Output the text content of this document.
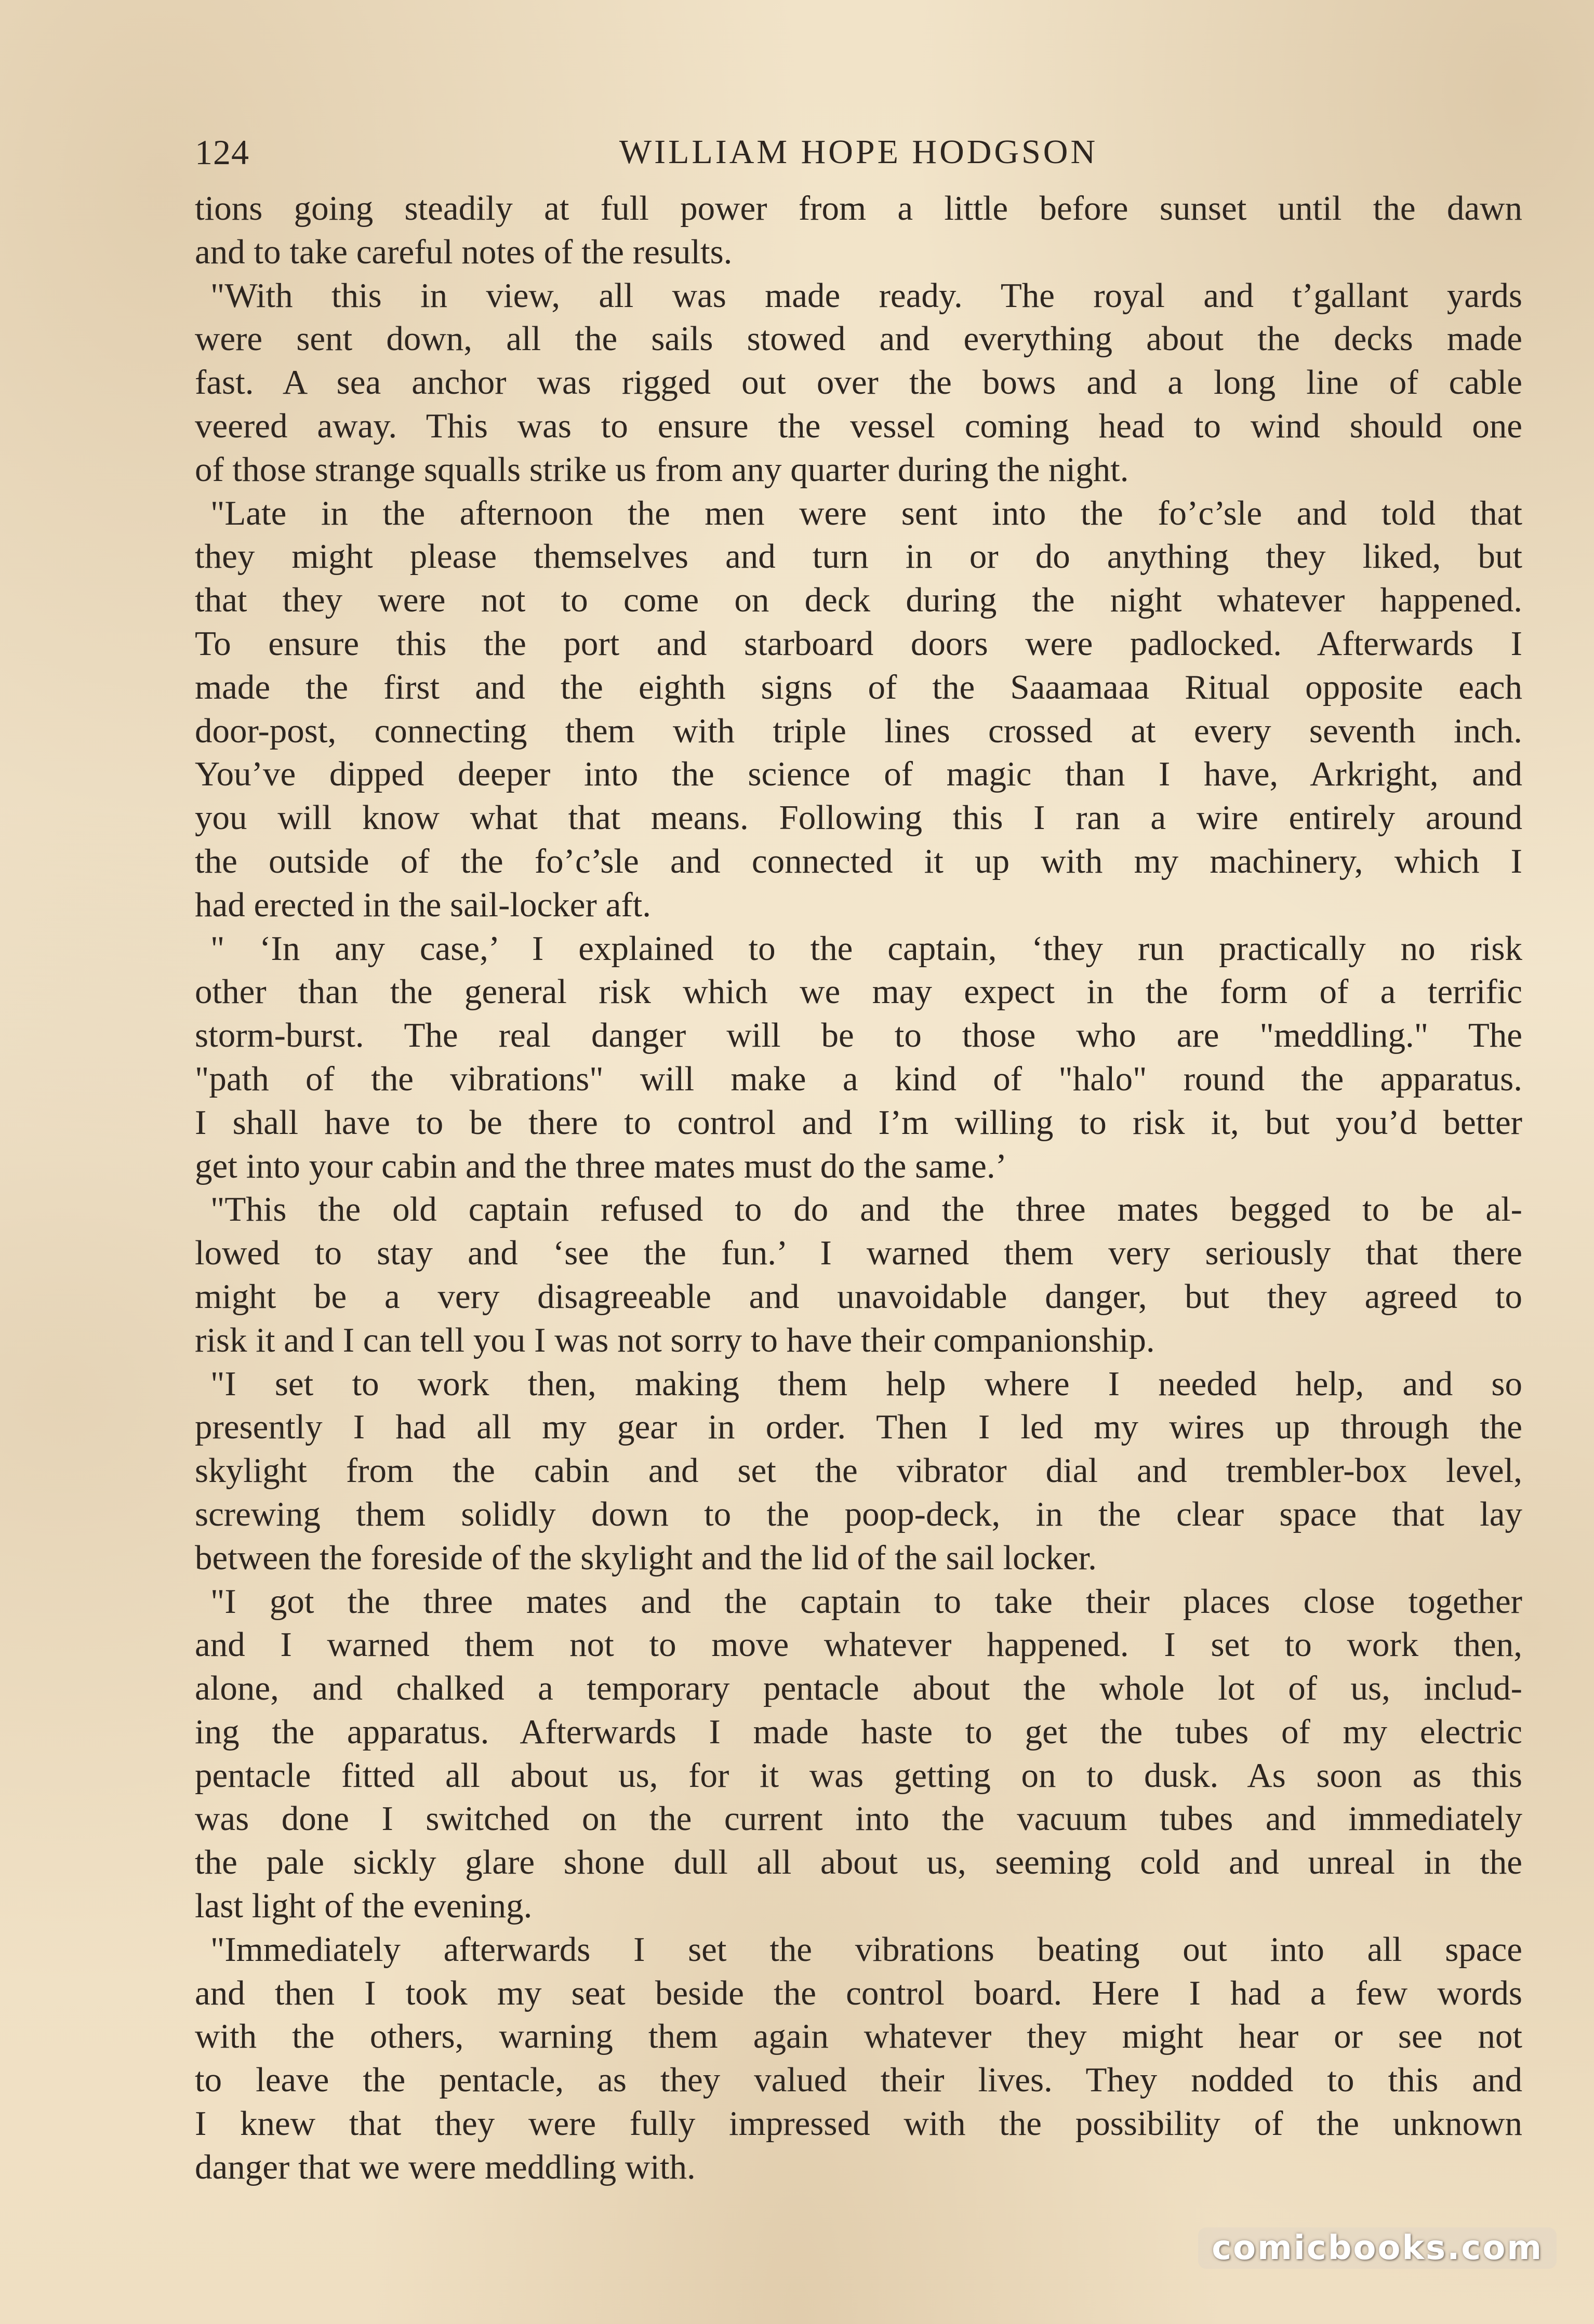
124	WILLIAM HOPE HODGSON
tions going steadily at full power from a little before sunset until the dawn
and to take careful notes of the results.
"With this in view, all was made ready. The royal and t’gallant yards
were sent down, all the sails stowed and everything about the decks made
fast. A sea anchor was rigged out over the bows and a long line of cable
veered away. This was to ensure the vessel coming head to wind should one
of those strange squalls strike us from any quarter during the night.
"Late in the afternoon the men were sent into the fo’c’sle and told that
they might please themselves and turn in or do anything they liked, but
that they were not to come on deck during the night whatever happened.
To ensure this the port and starboard doors were padlocked. Afterwards I
made the first and the eighth signs of the Saaamaaa Ritual opposite each
door-post, connecting them with triple lines crossed at every seventh inch.
You’ve dipped deeper into the science of magic than I have, Arkright, and
you will know what that means. Following this I ran a wire entirely around
the outside of the fo’c’sle and connected it up with my machinery, which I
had erected in the sail-locker aft.
" ‘In any case,’ I explained to the captain, ‘they run practically no risk
other than the general risk which we may expect in the form of a terrific
storm-burst. The real danger will be to those who are "meddling." The
"path of the vibrations" will make a kind of "halo" round the apparatus.
I shall have to be there to control and I’m willing to risk it, but you’d better
get into your cabin and the three mates must do the same.’
"This the old captain refused to do and the three mates begged to be al-
lowed to stay and ‘see the fun.’ I warned them very seriously that there
might be a very disagreeable and unavoidable danger, but they agreed to
risk it and I can tell you I was not sorry to have their companionship.
"I set to work then, making them help where I needed help, and so
presently I had all my gear in order. Then I led my wires up through the
skylight from the cabin and set the vibrator dial and trembler-box level,
screwing them solidly down to the poop-deck, in the clear space that lay
between the foreside of the skylight and the lid of the sail locker.
"I got the three mates and the captain to take their places close together
and I warned them not to move whatever happened. I set to work then,
alone, and chalked a temporary pentacle about the whole lot of us, includ-
ing the apparatus. Afterwards I made haste to get the tubes of my electric
pentacle fitted all about us, for it was getting on to dusk. As soon as this
was done I switched on the current into the vacuum tubes and immediately
the pale sickly glare shone dull all about us, seeming cold and unreal in the
last light of the evening.
"Immediately afterwards I set the vibrations beating out into all space
and then I took my seat beside the control board. Here I had a few words
with the others, warning them again whatever they might hear or see not
to leave the pentacle, as they valued their lives. They nodded to this and
I knew that they were fully impressed with the possibility of the unknown
danger that we were meddling with.
comicbooks.com
